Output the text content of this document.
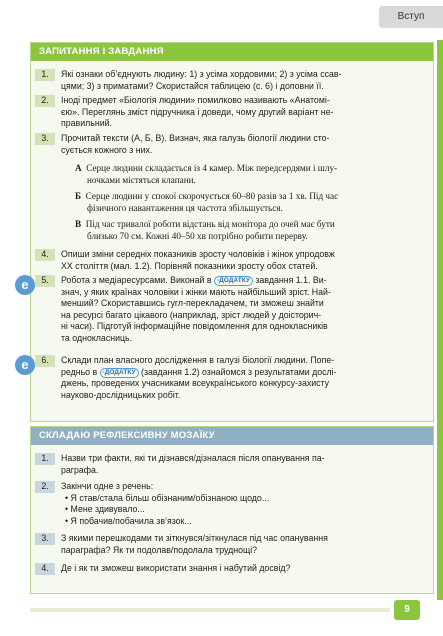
Вступ
ЗАПИТАННЯ І ЗАВДАННЯ
1.	Які ознаки об’єднують людину: 1) з усіма хордовими; 2) з усіма ссав-
цями; 3) з приматами? Скористайся таблицею (с. 6) і доповни її.
2.	Іноді предмет «Біологія людини» помилково називають «Анатомі-
єю». Переглянь зміст підручника і доведи, чому другий варіант не-
правильний.
3.	Прочитай тексти (А, Б, В). Визнач, яка галузь біології людини сто-
сується кожного з них.
А Серце людини складається із 4 камер. Між передсердями і шлу-
ночками містяться клапани.
Б Серце людини у спокої скорочується 60–80 разів за 1 хв. Під час
фізичного навантаження ця частота збільшується.
В Під час тривалої роботи відстань від монітора до очей має бути
близько 70 см. Кожні 40–50 хв потрібно робити перерву.
4.	Опиши зміни середніх показників зросту чоловіків і жінок упродовж
XX століття (мал. 1.2). Порівняй показники зросту обох статей.
e	5.	Робота з медіаресурсами. Виконай в -ДОДАТКУ завдання 1.1. Ви-
знач, у яких країнах чоловіки і жінки мають найбільший зріст. Най-
менший? Скориставшись гугл-перекладачем, ти зможеш знайти
на ресурсі багато цікавого (наприклад, зріст людей у доісторич-
ні часи). Підготуй інформаційне повідомлення для однокласників
та однокласниць.
e	6.	Склади план власного дослідження в галузі біології людини. Попе-
редньо в -ДОДАТКУ (завдання 1.2) ознайомся з результатами дослі-
джень, проведених учасниками всеукраїнського конкурсу-захисту
науково-дослідницьких робіт.
СКЛАДАЮ РЕФЛЕКСИВНУ МОЗАЇКУ
1.	Назви три факти, які ти дізнався/дізналася після опанування па-
раграфа.
2.	Закінчи одне з речень:
• Я став/стала більш обізнаним/обізнаною щодо...
• Мене здивувало...
• Я побачив/побачила зв’язок...
3.	З якими перешкодами ти зіткнувся/зіткнулася під час опанування
параграфа? Як ти подолав/подолала труднощі?
4.	Де і як ти зможеш використати знання і набутий досвід?
9
